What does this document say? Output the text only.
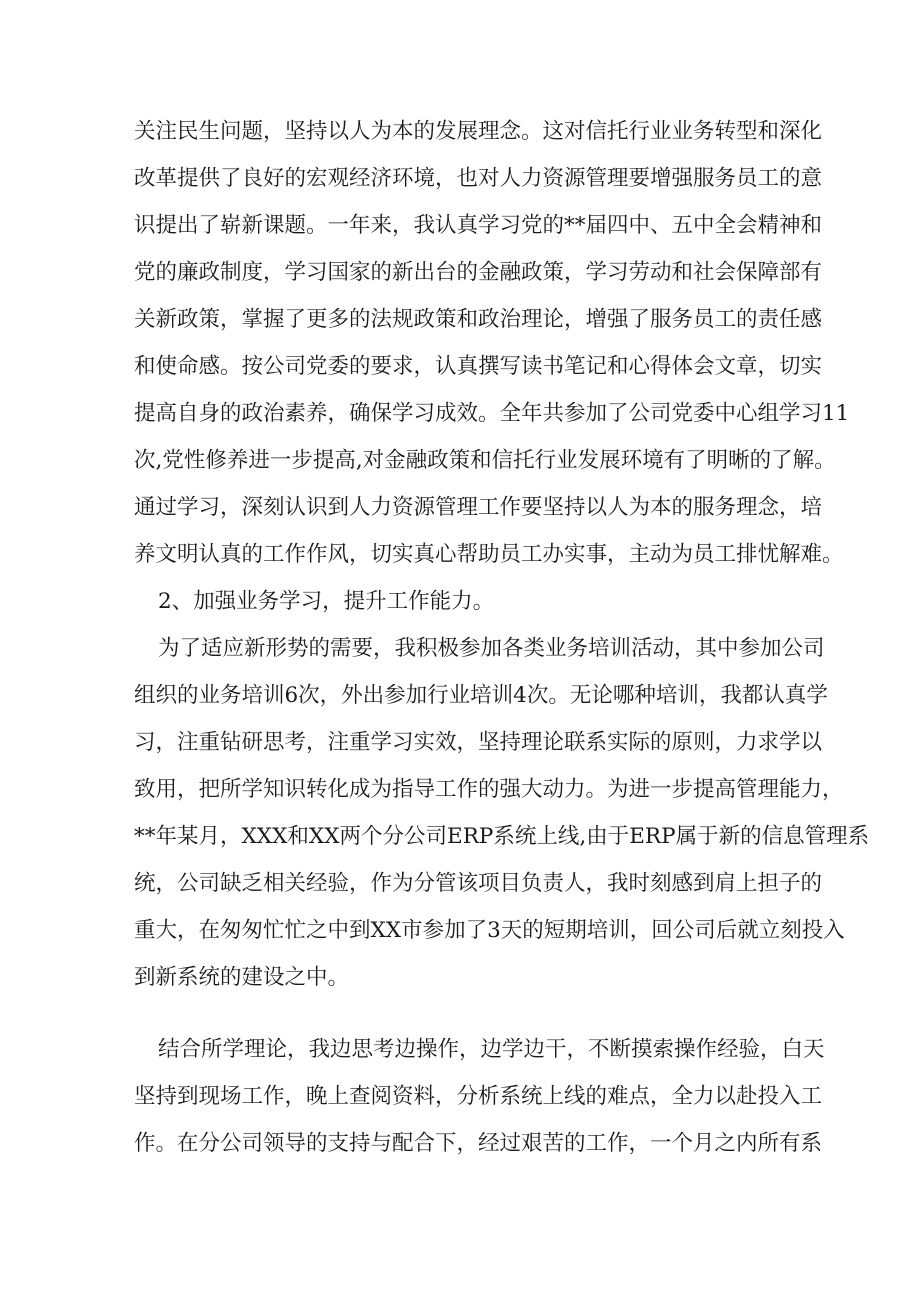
关注民生问题，坚持以人为本的发展理念。这对信托行业业务转型和深化

改革提供了良好的宏观经济环境，也对人力资源管理要增强服务员工的意

识提出了崭新课题。一年来，我认真学习党的**届四中、五中全会精神和

党的廉政制度，学习国家的新出台的金融政策，学习劳动和社会保障部有

关新政策，掌握了更多的法规政策和政治理论，增强了服务员工的责任感

和使命感。按公司党委的要求，认真撰写读书笔记和心得体会文章，切实

提高自身的政治素养，确保学习成效。全年共参加了公司党委中心组学习11

次,党性修养进一步提高,对金融政策和信托行业发展环境有了明晰的了解。

通过学习，深刻认识到人力资源管理工作要坚持以人为本的服务理念，培

养文明认真的工作作风，切实真心帮助员工办实事，主动为员工排忧解难。

2、加强业务学习，提升工作能力。

为了适应新形势的需要，我积极参加各类业务培训活动，其中参加公司

组织的业务培训6次，外出参加行业培训4次。无论哪种培训，我都认真学

习，注重钻研思考，注重学习实效，坚持理论联系实际的原则，力求学以

致用，把所学知识转化成为指导工作的强大动力。为进一步提高管理能力，

**年某月，XXX和XX两个分公司ERP系统上线,由于ERP属于新的信息管理系

统，公司缺乏相关经验，作为分管该项目负责人，我时刻感到肩上担子的

重大，在匆匆忙忙之中到XX市参加了3天的短期培训，回公司后就立刻投入

到新系统的建设之中。

结合所学理论，我边思考边操作，边学边干，不断摸索操作经验，白天

坚持到现场工作，晚上查阅资料，分析系统上线的难点，全力以赴投入工

作。在分公司领导的支持与配合下，经过艰苦的工作，一个月之内所有系
